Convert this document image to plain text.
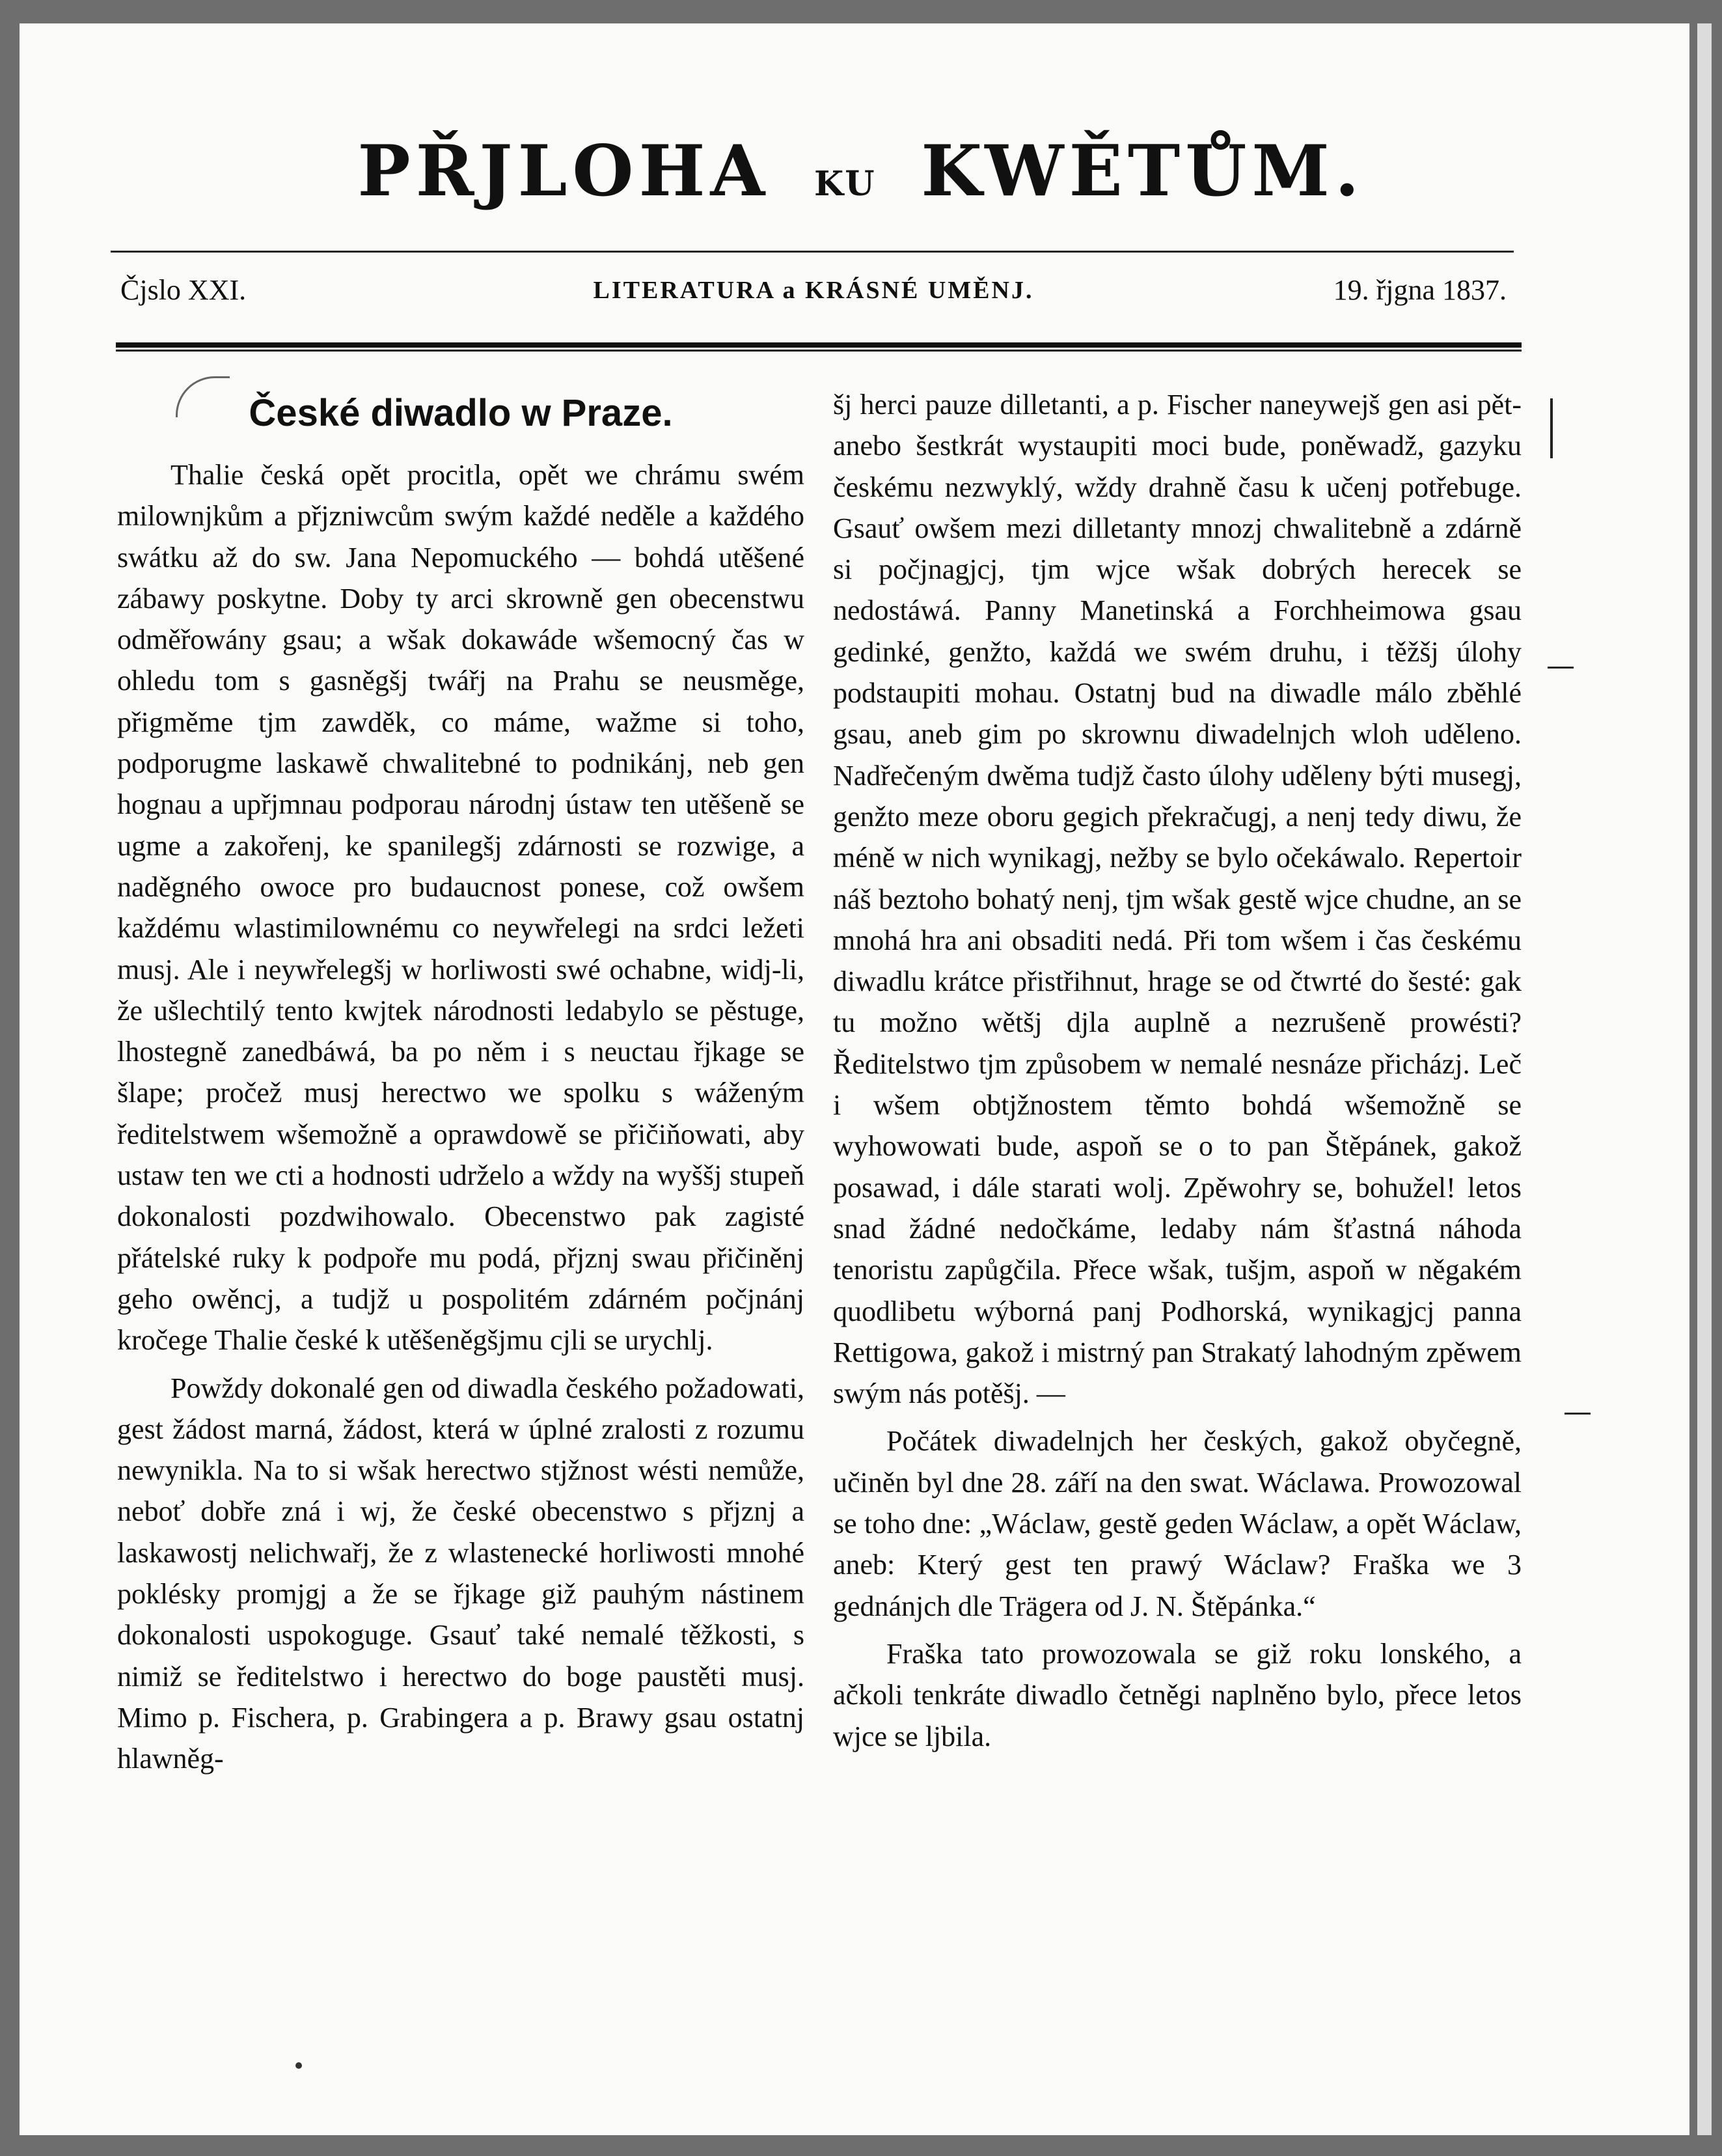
PŘJLOHA KU KWĚTŮM.
Čjslo XXI.	LITERATURA a KRÁSNÉ UMĚNJ.	19. řjgna 1837.
České diwadlo w Praze.

Thalie česká opět procitla, opět we chrámu swém milownjkům a přjzniwcům swým každé neděle a každého swátku až do sw. Jana Nepomuckého — bohdá utěšené zábawy poskytne. Doby ty arci skrowně gen obecenstwu odměřowány gsau; a wšak dokawáde wšemocný čas w ohledu tom s gasněgšj twářj na Prahu se neusměge, přigměme tjm zawděk, co máme, wažme si toho, podporugme laskawě chwalitebné to podnikánj, neb gen hognau a upřjmnau podporau národnj ústaw ten utěšeně se ugme a zakořenj, ke spanilegšj zdárnosti se rozwige, a naděgného owoce pro budaucnost ponese, což owšem každému wlastimilownému co neywřelegi na srdci ležeti musj. Ale i neywřelegšj w horliwosti swé ochabne, widj-li, že ušlechtilý tento kwjtek národnosti ledabylo se pěstuge, lhostegně zanedbáwá, ba po něm i s neuctau řjkage se šlape; pročež musj herectwo we spolku s wáženým ředitelstwem wšemožně a oprawdowě se přičiňowati, aby ustaw ten we cti a hodnosti udrželo a wždy na wyššj stupeň dokonalosti pozdwihowalo. Obecenstwo pak zagisté přátelské ruky k podpoře mu podá, přjznj swau přičiněnj geho owěncj, a tudjž u pospolitém zdárném počjnánj kročege Thalie české k utěšeněgšjmu cjli se urychlj.

Powždy dokonalé gen od diwadla českého požadowati, gest žádost marná, žádost, která w úplné zralosti z rozumu newynikla. Na to si wšak herectwo stjžnost wésti nemůže, neboť dobře zná i wj, že české obecenstwo s přjznj a laskawostj nelichwařj, že z wlastenecké horliwosti mnohé poklésky promjgj a že se řjkage giž pauhým nástinem dokonalosti uspokoguge. Gsauť také nemalé těžkosti, s nimiž se ředitelstwo i herectwo do boge paustěti musj. Mimo p. Fischera, p. Grabingera a p. Brawy gsau ostatnj hlawněg-

šj herci pauze dilletanti, a p. Fischer naneywejš gen asi pět- anebo šestkrát wystaupiti moci bude, poněwadž, gazyku českému nezwyklý, wždy drahně času k učenj potřebuge. Gsauť owšem mezi dilletanty mnozj chwalitebně a zdárně si počjnagjcj, tjm wjce wšak dobrých herecek se nedostáwá. Panny Manetinská a Forchheimowa gsau gedinké, genžto, každá we swém druhu, i těžšj úlohy podstaupiti mohau. Ostatnj bud na diwadle málo zběhlé gsau, aneb gim po skrownu diwadelnjch wloh uděleno. Nadřečeným dwěma tudjž často úlohy uděleny býti musegj, genžto meze oboru gegich překračugj, a nenj tedy diwu, že méně w nich wynikagj, nežby se bylo očekáwalo. Repertoir náš beztoho bohatý nenj, tjm wšak gestě wjce chudne, an se mnohá hra ani obsaditi nedá. Při tom wšem i čas českému diwadlu krátce přistřihnut, hrage se od čtwrté do šesté: gak tu možno wětšj djla auplně a nezrušeně prowésti? Ředitelstwo tjm způsobem w nemalé nesnáze přicházj. Leč i wšem obtjžnostem těmto bohdá wšemožně se wyhowowati bude, aspoň se o to pan Štěpánek, gakož posawad, i dále starati wolj. Zpěwohry se, bohužel! letos snad žádné nedočkáme, ledaby nám šťastná náhoda tenoristu zapůgčila. Přece wšak, tušjm, aspoň w něgakém quodlibetu wýborná panj Podhorská, wynikagjcj panna Rettigowa, gakož i mistrný pan Strakatý lahodným zpěwem swým nás potěšj. —

Počátek diwadelnjch her českých, gakož obyčegně, učiněn byl dne 28. září na den swat. Wáclawa. Prowozowal se toho dne: „Wáclaw, gestě geden Wáclaw, a opět Wáclaw, aneb: Který gest ten prawý Wáclaw? Fraška we 3 gednánjch dle Trägera od J. N. Štěpánka.“

Fraška tato prowozowala se giž roku lonského, a ačkoli tenkráte diwadlo četněgi naplněno bylo, přece letos wjce se ljbila.
